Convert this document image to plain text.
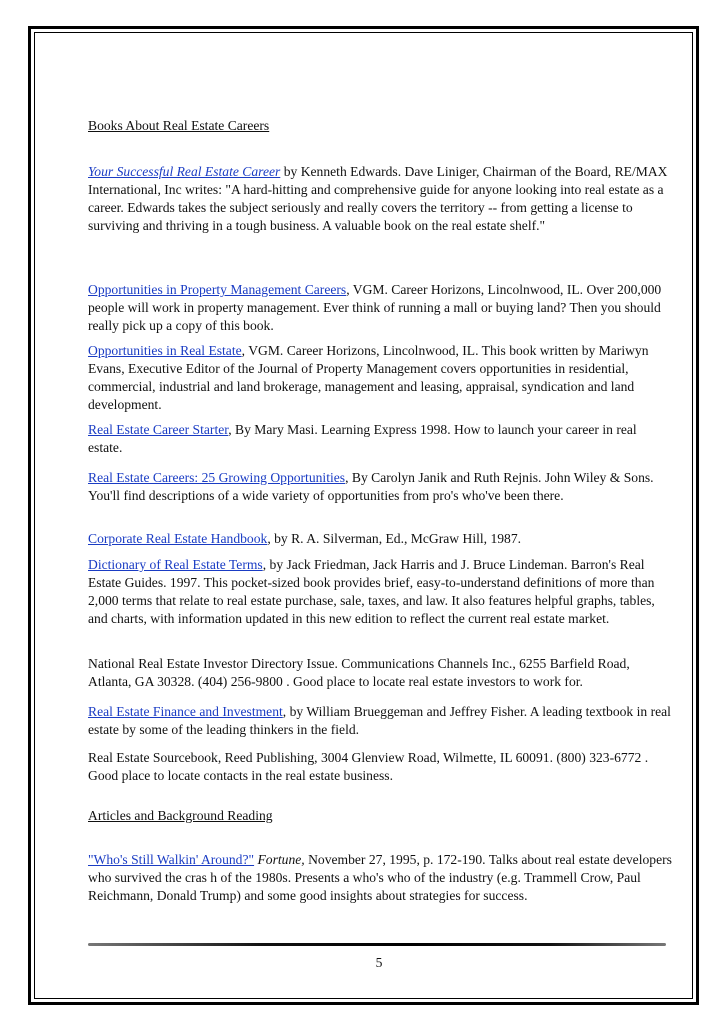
Books About Real Estate Careers
Your Successful Real Estate Career by Kenneth Edwards. Dave Liniger, Chairman of the Board, RE/MAX International, Inc writes: "A hard-hitting and comprehensive guide for anyone looking into real estate as a career. Edwards takes the subject seriously and really covers the territory -- from getting a license to surviving and thriving in a tough business. A valuable book on the real estate shelf."
Opportunities in Property Management Careers, VGM. Career Horizons, Lincolnwood, IL. Over 200,000 people will work in property management. Ever think of running a mall or buying land? Then you should really pick up a copy of this book.
Opportunities in Real Estate, VGM. Career Horizons, Lincolnwood, IL. This book written by Mariwyn Evans, Executive Editor of the Journal of Property Management covers opportunities in residential, commercial, industrial and land brokerage, management and leasing, appraisal, syndication and land development.
Real Estate Career Starter, By Mary Masi. Learning Express 1998. How to launch your career in real estate.
Real Estate Careers: 25 Growing Opportunities, By Carolyn Janik and Ruth Rejnis. John Wiley & Sons. You'll find descriptions of a wide variety of opportunities from pro's who've been there.
Corporate Real Estate Handbook, by R. A. Silverman, Ed., McGraw Hill, 1987.
Dictionary of Real Estate Terms, by Jack Friedman, Jack Harris and J. Bruce Lindeman. Barron's Real Estate Guides. 1997. This pocket-sized book provides brief, easy-to-understand definitions of more than 2,000 terms that relate to real estate purchase, sale, taxes, and law. It also features helpful graphs, tables, and charts, with information updated in this new edition to reflect the current real estate market.
National Real Estate Investor Directory Issue. Communications Channels Inc., 6255 Barfield Road, Atlanta, GA 30328. (404) 256-9800 . Good place to locate real estate investors to work for.
Real Estate Finance and Investment, by William Brueggeman and Jeffrey Fisher. A leading textbook in real estate by some of the leading thinkers in the field.
Real Estate Sourcebook, Reed Publishing, 3004 Glenview Road, Wilmette, IL 60091. (800) 323-6772 . Good place to locate contacts in the real estate business.
Articles and Background Reading
"Who's Still Walkin' Around?" Fortune, November 27, 1995, p. 172-190. Talks about real estate developers who survived the cras h of the 1980s. Presents a who's who of the industry (e.g. Trammell Crow, Paul Reichmann, Donald Trump) and some good insights about strategies for success.
5
